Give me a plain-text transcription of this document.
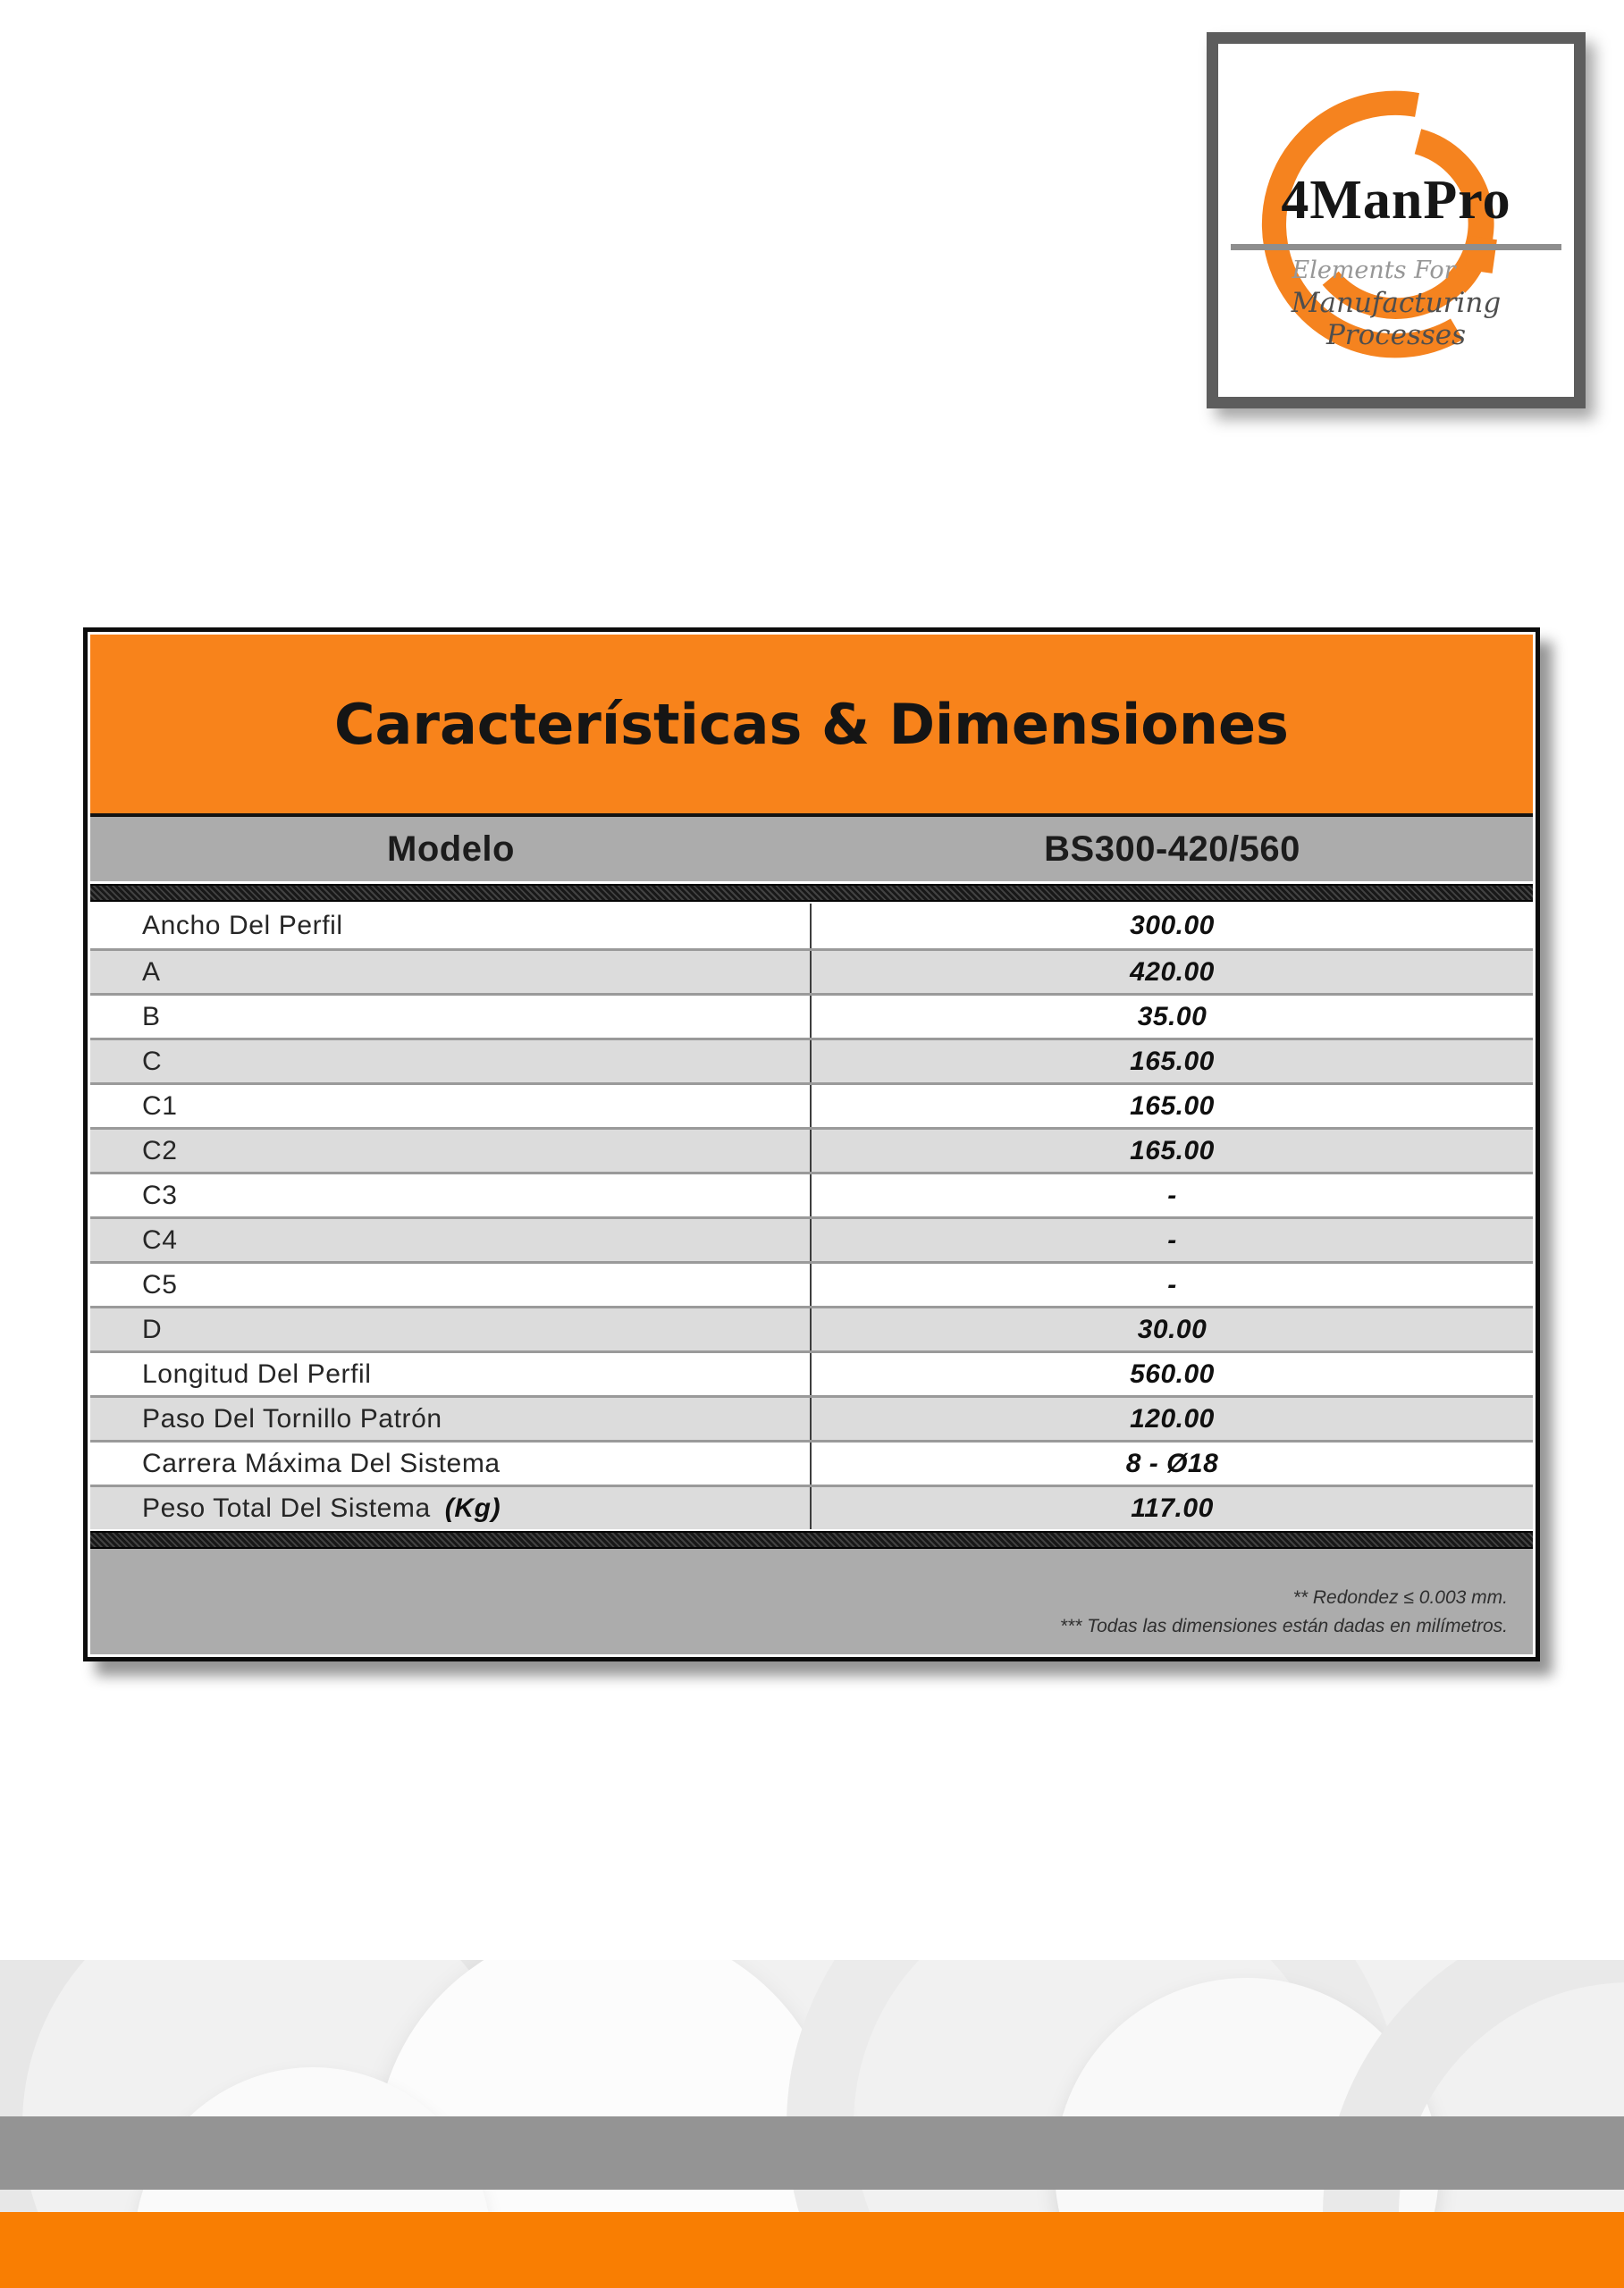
4ManPro
Elements For
Manufacturing Processes
Características & Dimensiones
Modelo	BS300-420/560
Ancho Del Perfil	300.00
A	420.00
B	35.00
C	165.00
C1	165.00
C2	165.00
C3	-
C4	-
C5	-
D	30.00
Longitud Del Perfil	560.00
Paso Del Tornillo Patrón	120.00
Carrera Máxima Del Sistema	8 - Ø18
Peso Total Del Sistema (Kg)	117.00
** Redondez ≤ 0.003 mm.
*** Todas las dimensiones están dadas en milímetros.
